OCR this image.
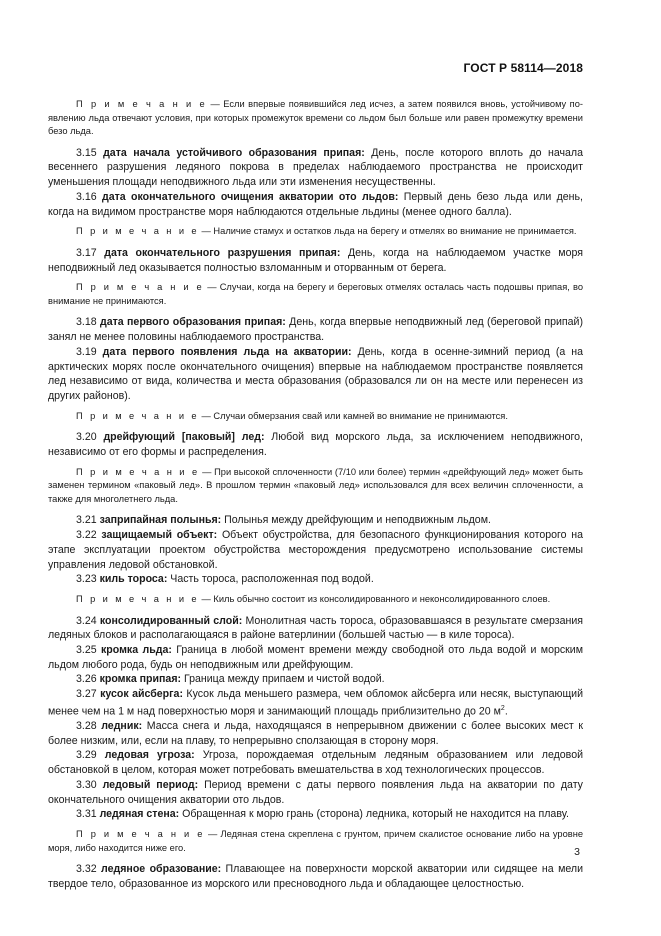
ГОСТ Р 58114—2018

П р и м е ч а н и е — Если впервые появившийся лед исчез, а затем появился вновь, устойчивому по-явлению льда отвечают условия, при которых промежуток времени со льдом был больше или равен промежутку времени безо льда.

3.15 дата начала устойчивого образования припая: День, после которого вплоть до начала весеннего разрушения ледяного покрова в пределах наблюдаемого пространства не происходит уменьшения площади неподвижного льда или эти изменения несущественны.

3.16 дата окончательного очищения акватории ото льдов: Первый день безо льда или день, когда на видимом пространстве моря наблюдаются отдельные льдины (менее одного балла).

П р и м е ч а н и е — Наличие стамух и остатков льда на берегу и отмелях во внимание не принимается.

3.17 дата окончательного разрушения припая: День, когда на наблюдаемом участке моря неподвижный лед оказывается полностью взломанным и оторванным от берега.

П р и м е ч а н и е — Случаи, когда на берегу и береговых отмелях осталась часть подошвы припая, во внимание не принимаются.

3.18 дата первого образования припая: День, когда впервые неподвижный лед (береговой припай) занял не менее половины наблюдаемого пространства.

3.19 дата первого появления льда на акватории: День, когда в осенне-зимний период (а на арктических морях после окончательного очищения) впервые на наблюдаемом пространстве появляется лед независимо от вида, количества и места образования (образовался ли он на месте или перенесен из других районов).

П р и м е ч а н и е — Случаи обмерзания свай или камней во внимание не принимаются.

3.20 дрейфующий [паковый] лед: Любой вид морского льда, за исключением неподвижного, независимо от его формы и распределения.

П р и м е ч а н и е — При высокой сплоченности (7/10 или более) термин «дрейфующий лед» может быть заменен термином «паковый лед». В прошлом термин «паковый лед» использовался для всех величин сплоченности, а также для многолетнего льда.

3.21 заприпайная полынья: Полынья между дрейфующим и неподвижным льдом.

3.22 защищаемый объект: Объект обустройства, для безопасного функционирования которого на этапе эксплуатации проектом обустройства месторождения предусмотрено использование системы управления ледовой обстановкой.

3.23 киль тороса: Часть тороса, расположенная под водой.

П р и м е ч а н и е — Киль обычно состоит из консолидированного и неконсолидированного слоев.

3.24 консолидированный слой: Монолитная часть тороса, образовавшаяся в результате смерзания ледяных блоков и располагающаяся в районе ватерлинии (большей частью — в киле тороса).

3.25 кромка льда: Граница в любой момент времени между свободной ото льда водой и морским льдом любого рода, будь он неподвижным или дрейфующим.

3.26 кромка припая: Граница между припаем и чистой водой.

3.27 кусок айсберга: Кусок льда меньшего размера, чем обломок айсберга или несяк, выступающий менее чем на 1 м над поверхностью моря и занимающий площадь приблизительно до 20 $м^2$.

3.28 ледник: Масса снега и льда, находящаяся в непрерывном движении с более высоких мест к более низким, или, если на плаву, то непрерывно сползающая в сторону моря.

3.29 ледовая угроза: Угроза, порождаемая отдельным ледяным образованием или ледовой обстановкой в целом, которая может потребовать вмешательства в ход технологических процессов.

3.30 ледовый период: Период времени с даты первого появления льда на акватории по дату окончательного очищения акватории ото льдов.

3.31 ледяная стена: Обращенная к морю грань (сторона) ледника, который не находится на плаву.

П р и м е ч а н и е — Ледяная стена скреплена с грунтом, причем скалистое основание либо на уровне моря, либо находится ниже его.

3.32 ледяное образование: Плавающее на поверхности морской акватории или сидящее на мели твердое тело, образованное из морского или пресноводного льда и обладающее целостностью.

3
